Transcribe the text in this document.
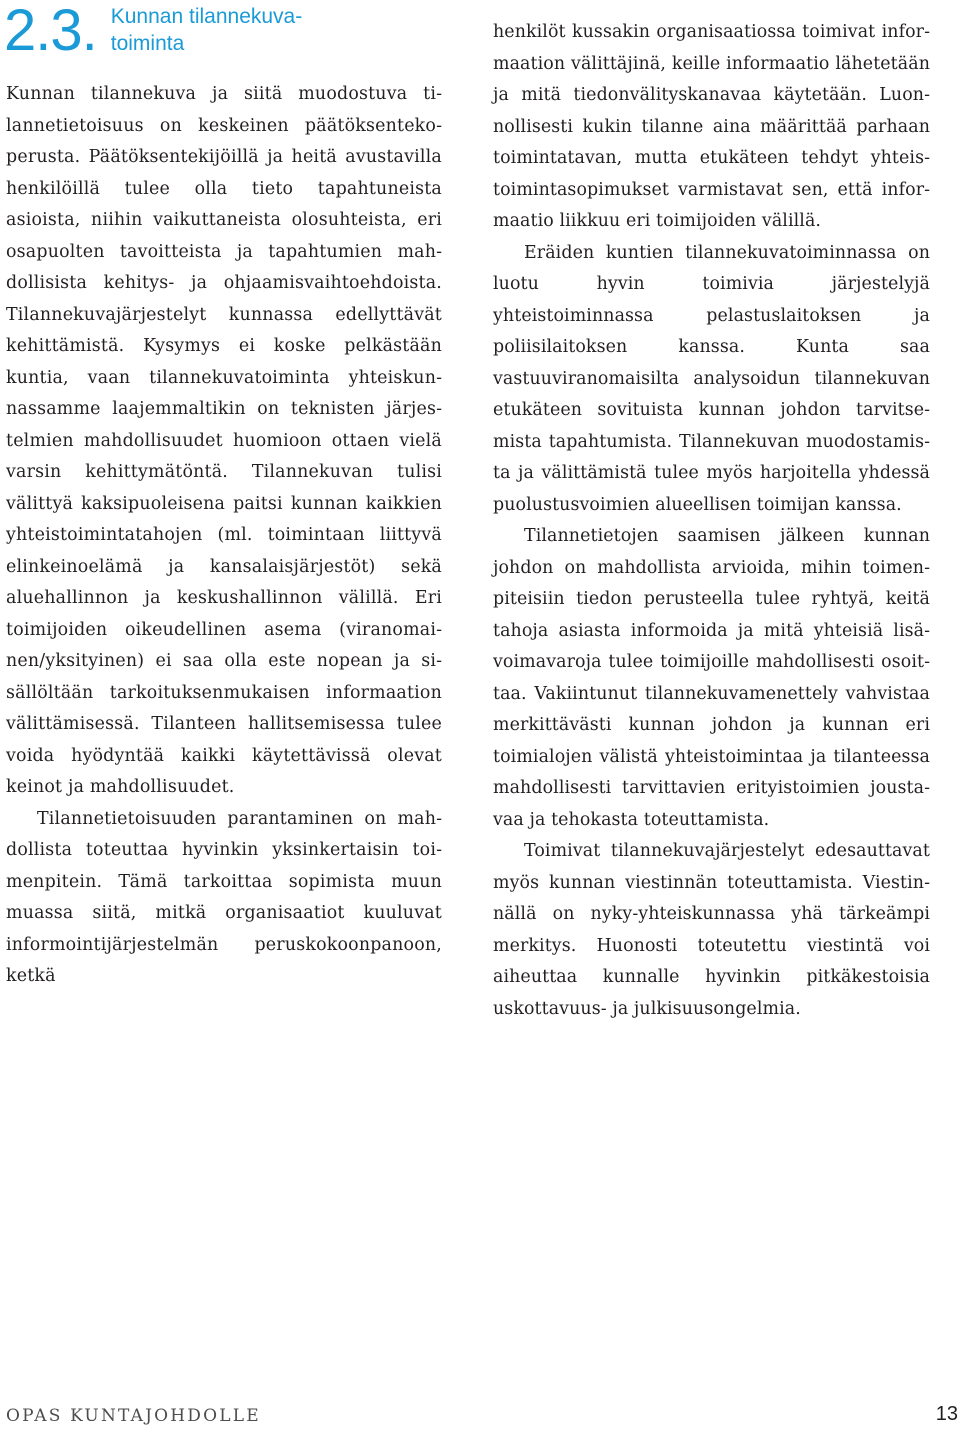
2.3. Kunnan tilannekuva-
toiminta

Kunnan tilannekuva ja siitä muodostuva tilannetietoisuus on keskeinen päätöksentekoperusta. Päätöksentekijöillä ja heitä avustavilla henkilöillä tulee olla tieto tapahtuneista asioista, niihin vaikuttaneista olosuhteista, eri osapuolten tavoitteista ja tapahtumien mahdollisista kehitys- ja ohjaamisvaihtoehdoista. Tilannekuvajärjestelyt kunnassa edellyttävät kehittämistä. Kysymys ei koske pelkästään kuntia, vaan tilannekuvatoiminta yhteiskunnassamme laajemmaltikin on teknisten järjestelmien mahdollisuudet huomioon ottaen vielä varsin kehittymätöntä. Tilannekuvan tulisi välittyä kaksipuoleisena paitsi kunnan kaikkien yhteistoimintatahojen (ml. toimintaan liittyvä elinkeinoelämä ja kansalaisjärjestöt) sekä aluehallinnon ja keskushallinnon välillä. Eri toimijoiden oikeudellinen asema (viranomainen/yksityinen) ei saa olla este nopean ja sisällöltään tarkoituksenmukaisen informaation välittämisessä. Tilanteen hallitsemisessa tulee voida hyödyntää kaikki käytettävissä olevat keinot ja mahdollisuudet.

Tilannetietoisuuden parantaminen on mahdollista toteuttaa hyvinkin yksinkertaisin toimenpitein. Tämä tarkoittaa sopimista muun muassa siitä, mitkä organisaatiot kuuluvat informointijärjestelmän peruskokoonpanoon, ketkä

henkilöt kussakin organisaatiossa toimivat informaation välittäjinä, keille informaatio lähetetään ja mitä tiedonvälityskanavaa käytetään. Luonnollisesti kukin tilanne aina määrittää parhaan toimintatavan, mutta etukäteen tehdyt yhteistoimintasopimukset varmistavat sen, että informaatio liikkuu eri toimijoiden välillä.

Eräiden kuntien tilannekuvatoiminnassa on luotu hyvin toimivia järjestelyjä yhteistoiminnassa pelastuslaitoksen ja poliisilaitoksen kanssa. Kunta saa vastuuviranomaisilta analysoidun tilannekuvan etukäteen sovituista kunnan johdon tarvitsemista tapahtumista. Tilannekuvan muodostamista ja välittämistä tulee myös harjoitella yhdessä puolustusvoimien alueellisen toimijan kanssa.

Tilannetietojen saamisen jälkeen kunnan johdon on mahdollista arvioida, mihin toimenpiteisiin tiedon perusteella tulee ryhtyä, keitä tahoja asiasta informoida ja mitä yhteisiä lisävoimavaroja tulee toimijoille mahdollisesti osoittaa. Vakiintunut tilannekuvamenettely vahvistaa merkittävästi kunnan johdon ja kunnan eri toimialojen välistä yhteistoimintaa ja tilanteessa mahdollisesti tarvittavien erityistoimien joustavaa ja tehokasta toteuttamista.

Toimivat tilannekuvajärjestelyt edesauttavat myös kunnan viestinnän toteuttamista. Viestinnällä on nyky-yhteiskunnassa yhä tärkeämpi merkitys. Huonosti toteutettu viestintä voi aiheuttaa kunnalle hyvinkin pitkäkestoisia uskottavuus- ja julkisuusongelmia.

OPAS KUNTAJOHDOLLE	13
